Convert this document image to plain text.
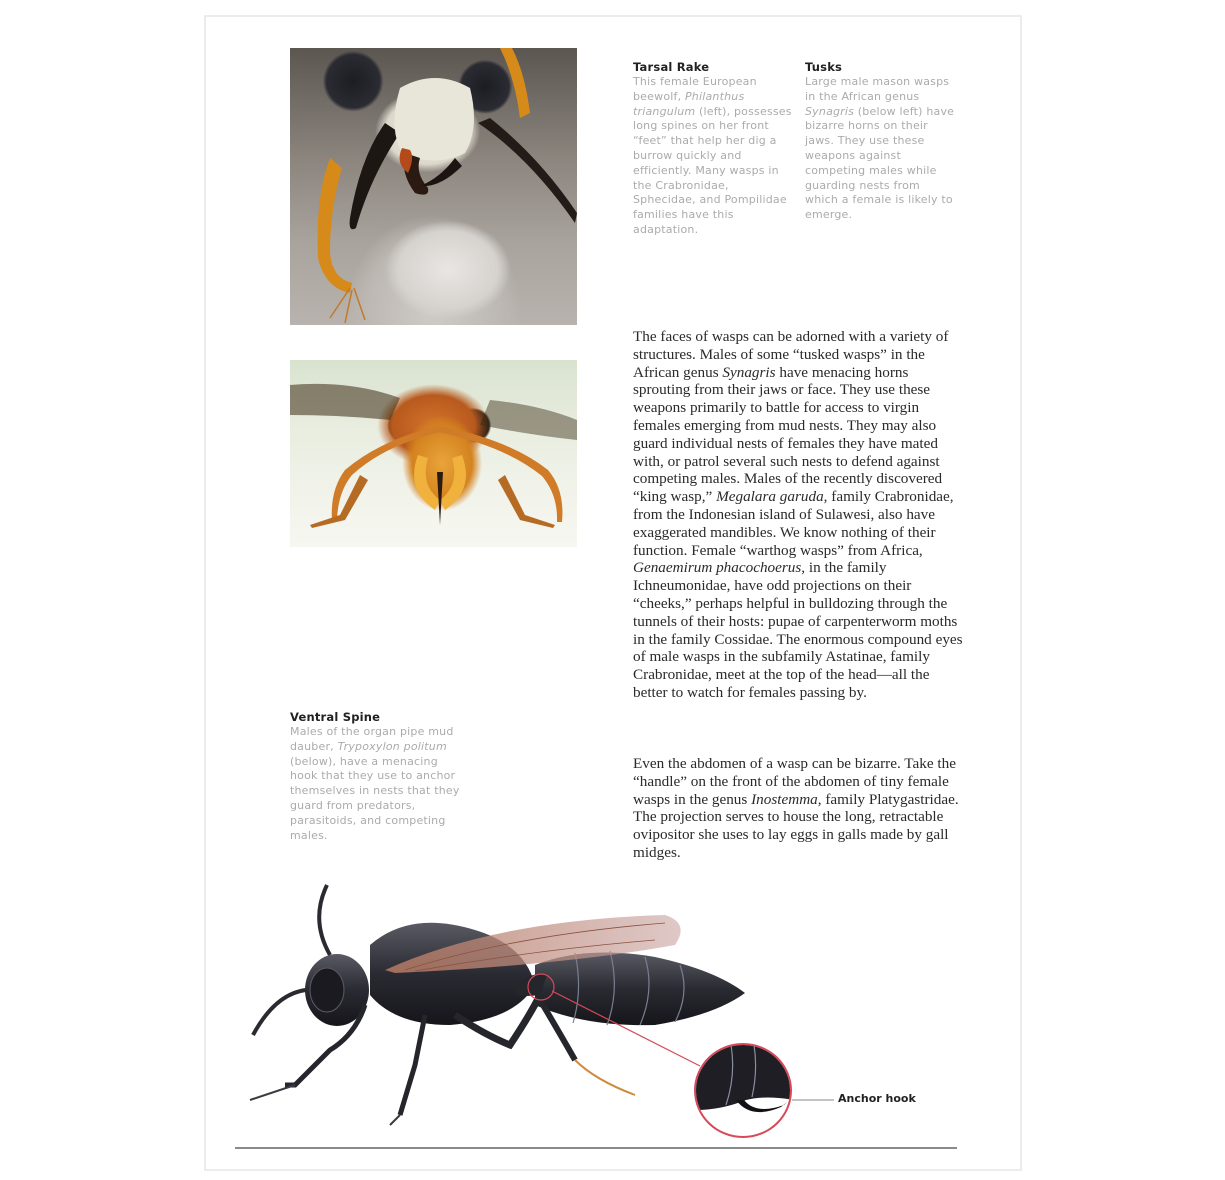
Tarsal Rake
This female European beewolf, Philanthus triangulum (left), possesses long spines on her front “feet” that help her dig a burrow quickly and efficiently. Many wasps in the Crabronidae, Sphecidae, and Pompilidae families have this adaptation.
Tusks
Large male mason wasps in the African genus Synagris (below left) have bizarre horns on their jaws. They use these weapons against competing males while guarding nests from which a female is likely to emerge.
Ventral Spine
Males of the organ pipe mud dauber, Trypoxylon politum (below), have a menacing hook that they use to anchor themselves in nests that they guard from predators, parasitoids, and competing males.

The faces of wasps can be adorned with a variety of structures. Males of some “tusked wasps” in the African genus Synagris have menacing horns sprouting from their jaws or face. They use these weapons primarily to battle for access to virgin females emerging from mud nests. They may also guard individual nests of females they have mated with, or patrol several such nests to defend against competing males. Males of the recently discovered “king wasp,” Megalara garuda, family Crabronidae, from the Indonesian island of Sulawesi, also have exaggerated mandibles. We know nothing of their function. Female “warthog wasps” from Africa, Genaemirum phacochoerus, in the family Ichneumonidae, have odd projections on their “cheeks,” perhaps helpful in bulldozing through the tunnels of their hosts: pupae of carpenterworm moths in the family Cossidae. The enormous compound eyes of male wasps in the subfamily Astatinae, family Crabronidae, meet at the top of the head—all the better to watch for females passing by.

Even the abdomen of a wasp can be bizarre. Take the “handle” on the front of the abdomen of tiny female wasps in the genus Inostemma, family Platygastridae. The projection serves to house the long, retractable ovipositor she uses to lay eggs in galls made by gall midges.

Anchor hook
